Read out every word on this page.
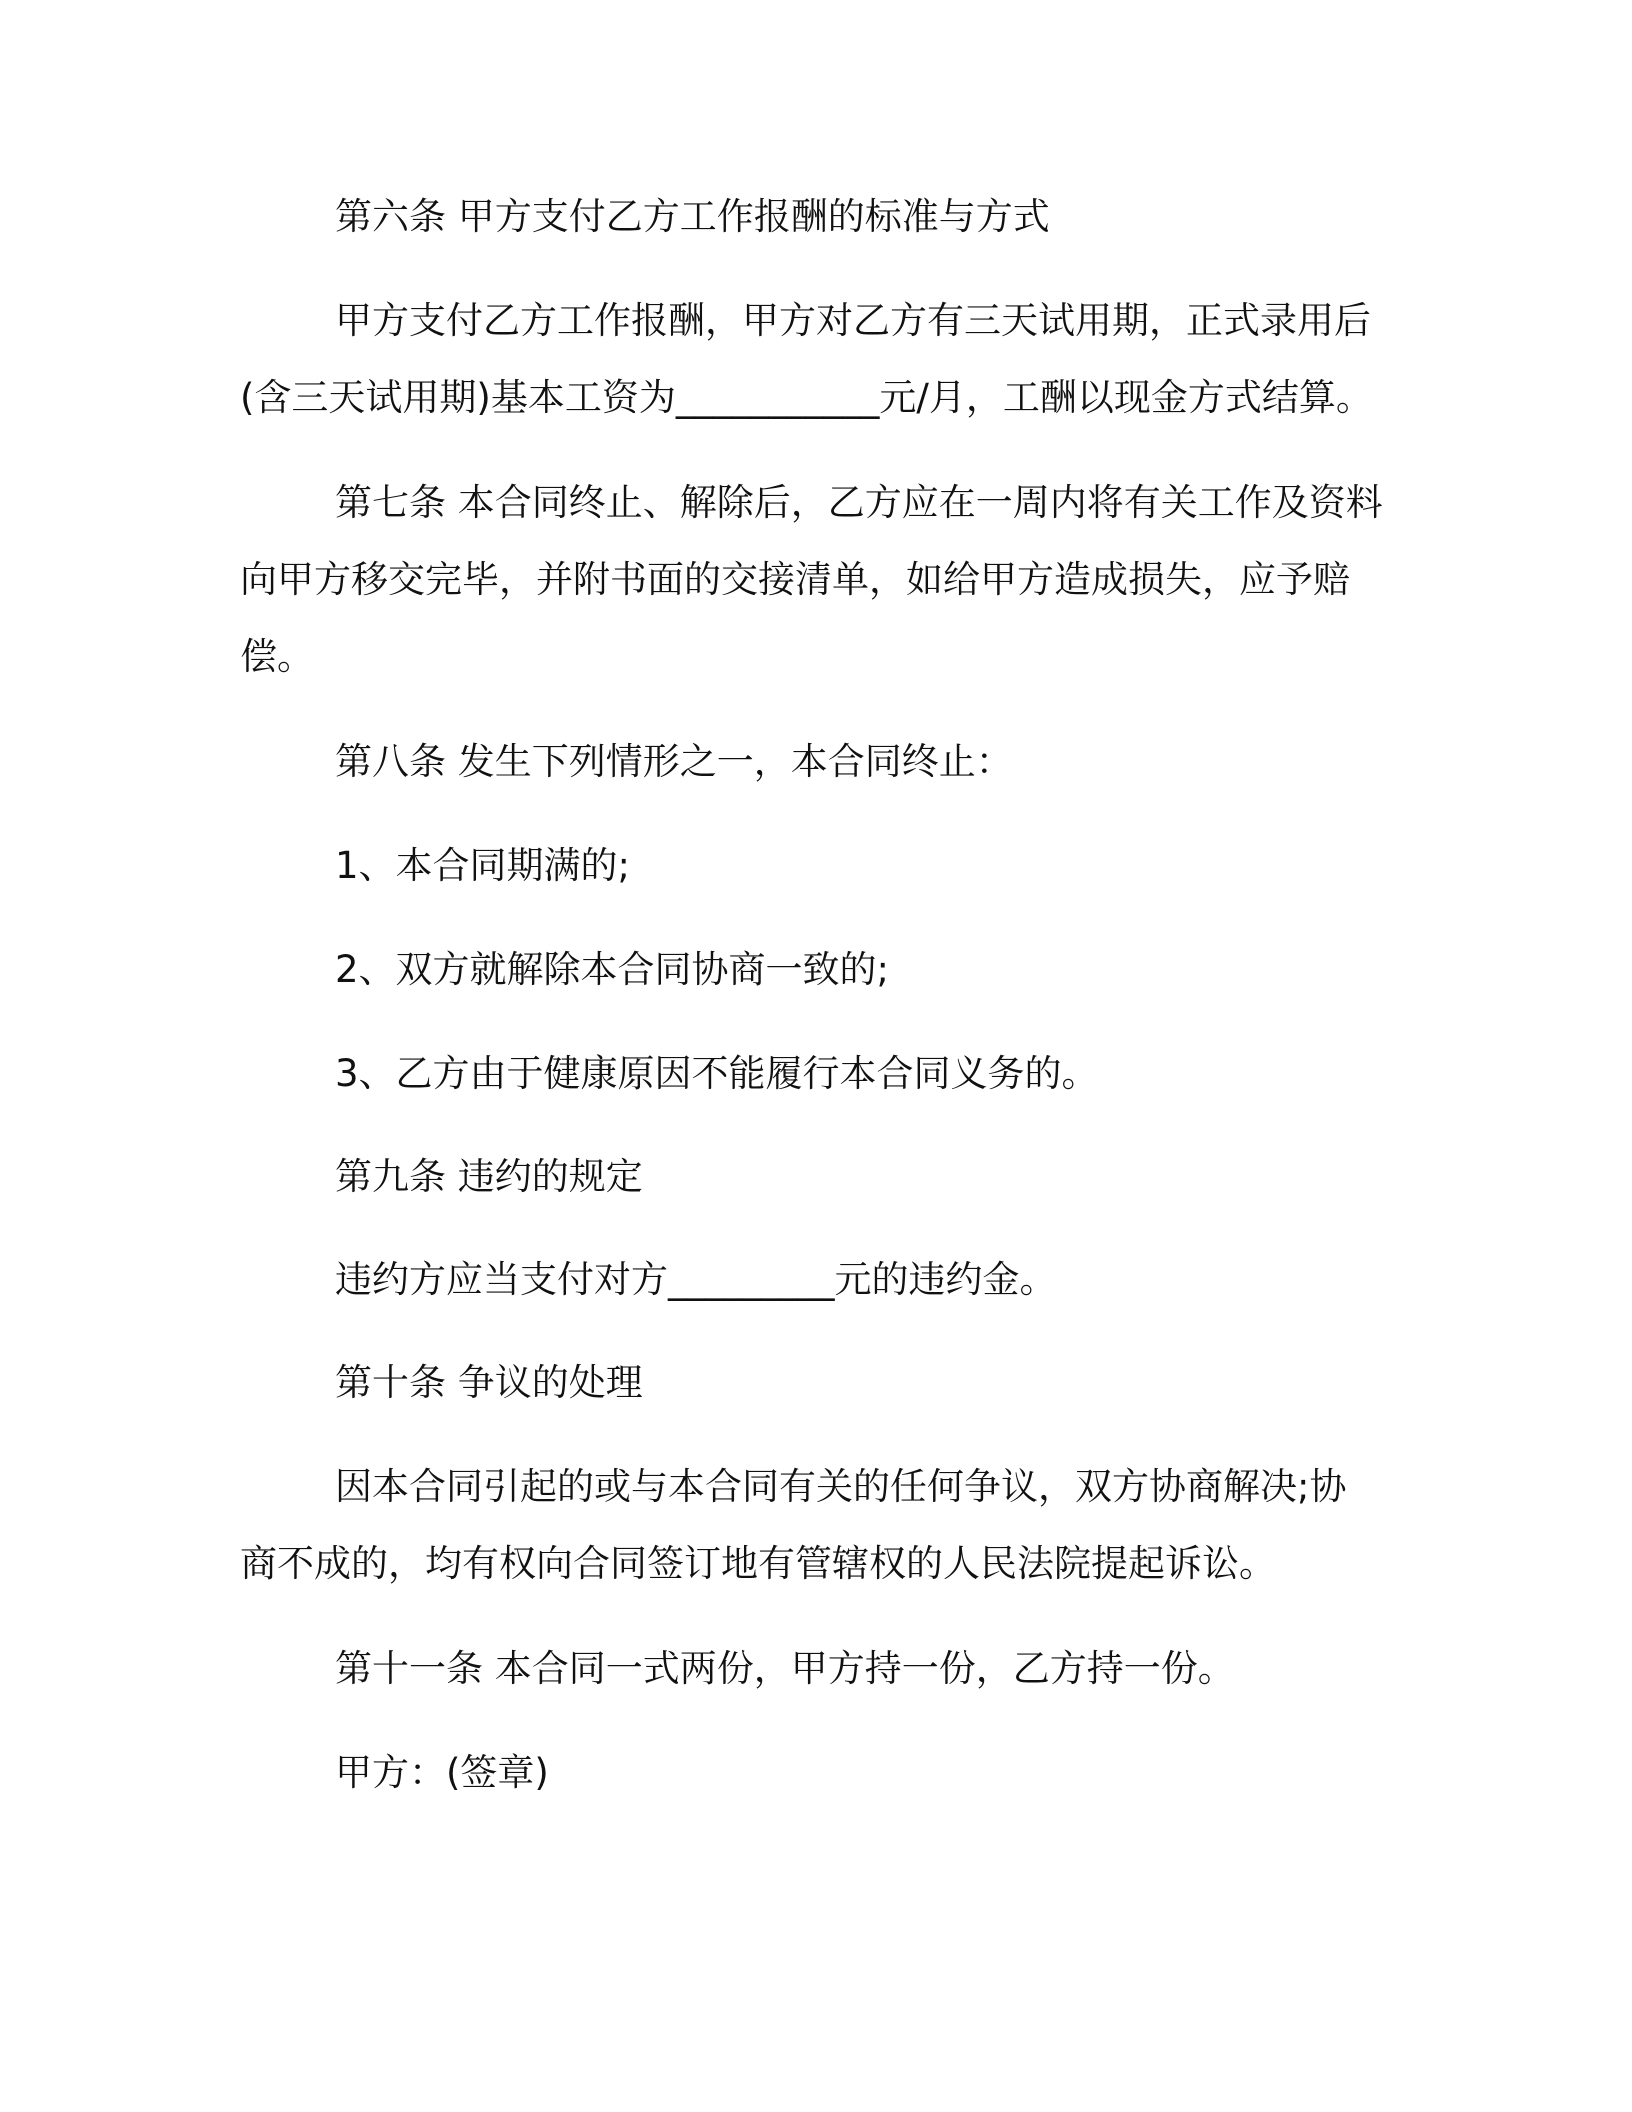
第六条 甲方支付乙方工作报酬的标准与方式

甲方支付乙方工作报酬，甲方对乙方有三天试用期，正式录用后
(含三天试用期)基本工资为___________元/月，工酬以现金方式结算。

第七条 本合同终止、解除后，乙方应在一周内将有关工作及资料
向甲方移交完毕，并附书面的交接清单，如给甲方造成损失，应予赔
偿。

第八条 发生下列情形之一，本合同终止：

1、本合同期满的;

2、双方就解除本合同协商一致的;

3、乙方由于健康原因不能履行本合同义务的。

第九条 违约的规定

违约方应当支付对方_________元的违约金。

第十条 争议的处理

因本合同引起的或与本合同有关的任何争议，双方协商解决;协
商不成的，均有权向合同签订地有管辖权的人民法院提起诉讼。

第十一条 本合同一式两份，甲方持一份，乙方持一份。

甲方：(签章)
